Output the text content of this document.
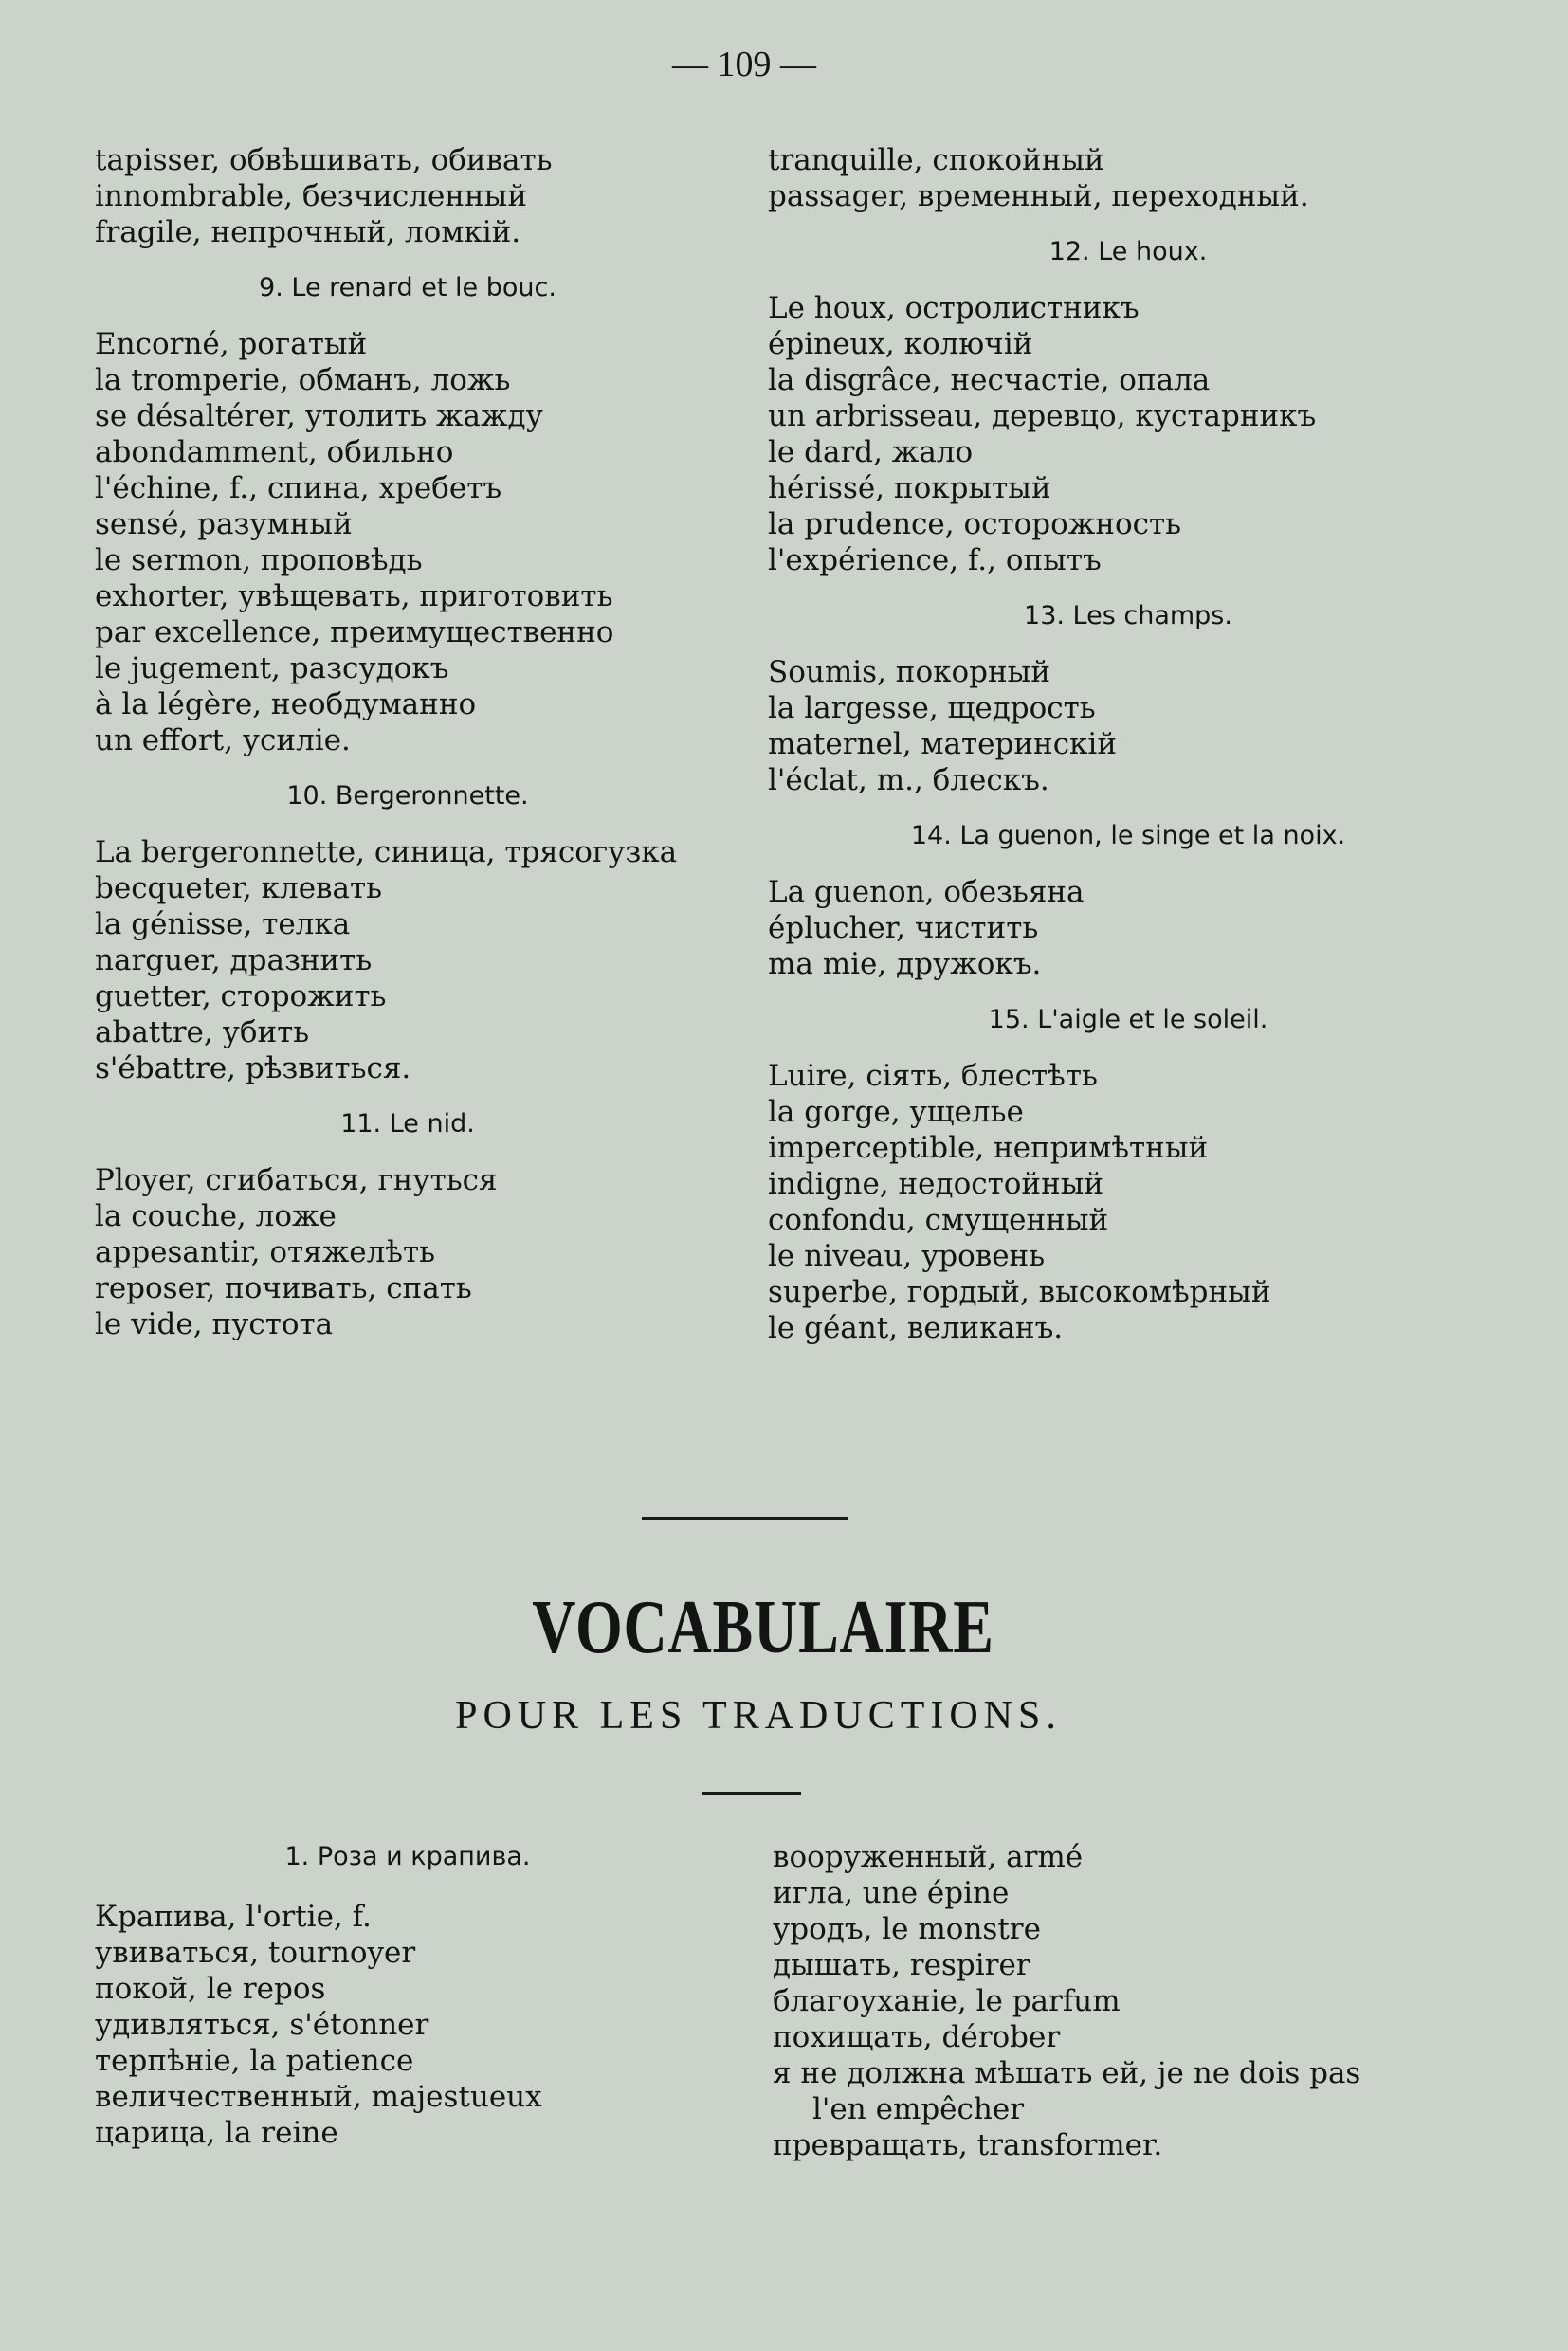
— 109 —
tapisser, обвѣшивать, обивать
innombrable, безчисленный
fragile, непрочный, ломкій.
9. Le renard et le bouc.
Encorné, рогатый
la tromperie, обманъ, ложь
se désaltérer, утолить жажду
abondamment, обильно
l'échine, f., спина, хребетъ
sensé, разумный
le sermon, проповѣдь
exhorter, увѣщевать, приготовить
par excellence, преимущественно
le jugement, разсудокъ
à la légère, необдуманно
un effort, усиліе.
10. Bergeronnette.
La bergeronnette, синица, трясогузка
becqueter, клевать
la génisse, телка
narguer, дразнить
guetter, сторожить
abattre, убить
s'ébattre, рѣзвиться.
11. Le nid.
Ployer, сгибаться, гнуться
la couche, ложе
appesantir, отяжелѣть
reposer, почивать, спать
le vide, пустота
tranquille, спокойный
passager, временный, переходный.
12. Le houx.
Le houx, остролистникъ
épineux, колючій
la disgrâce, несчастіе, опала
un arbrisseau, деревцо, кустарникъ
le dard, жало
hérissé, покрытый
la prudence, осторожность
l'expérience, f., опытъ
13. Les champs.
Soumis, покорный
la largesse, щедрость
maternel, материнскій
l'éclat, m., блескъ.
14. La guenon, le singe et la noix.
La guenon, обезьяна
éplucher, чистить
ma mie, дружокъ.
15. L'aigle et le soleil.
Luire, сіять, блестѣть
la gorge, ущелье
imperceptible, непримѣтный
indigne, недостойный
confondu, смущенный
le niveau, уровень
superbe, гордый, высокомѣрный
le géant, великанъ.
VOCABULAIRE
POUR LES TRADUCTIONS.
1. Роза и крапива.
Крапива, l'ortie, f.
увиваться, tournoyer
покой, le repos
удивляться, s'étonner
терпѣніе, la patience
величественный, majestueux
царица, la reine
вооруженный, armé
игла, une épine
уродъ, le monstre
дышать, respirer
благоуханіе, le parfum
похищать, dérober
я не должна мѣшать ей, je ne dois pas
l'en empêcher
превращать, transformer.
